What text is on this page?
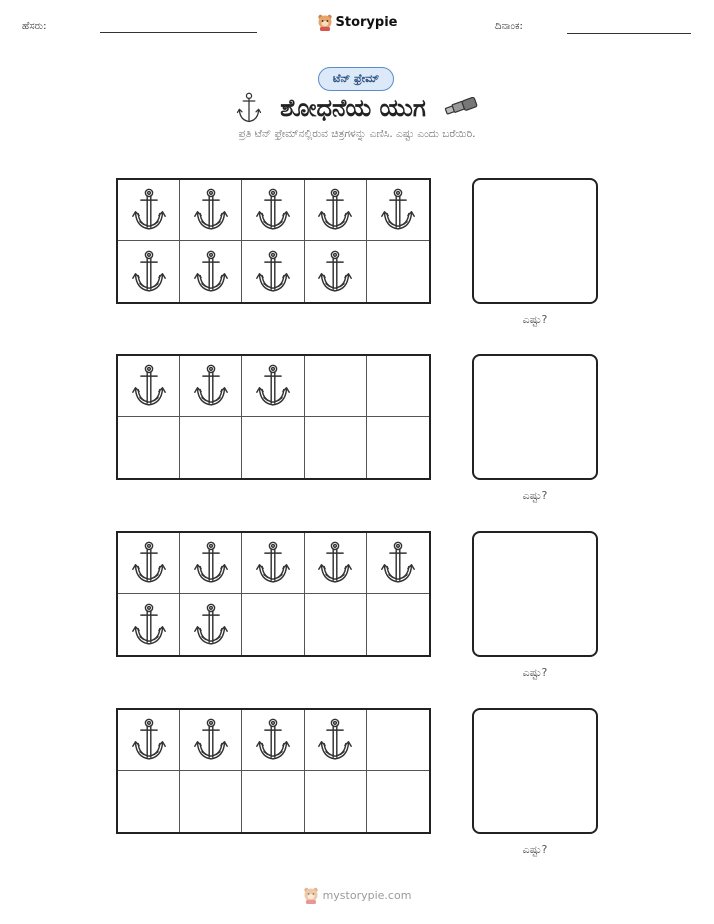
ಹೆಸರು:	Storypie	ದಿನಾಂಕ:
ಟೆನ್ ಫ್ರೇಮ್
ಶೋಧನೆಯ ಯುಗ
ಪ್ರತಿ ಟೆನ್ ಫ್ರೇಮ್‌ನಲ್ಲಿರುವ ಚಿತ್ರಗಳನ್ನು ಎಣಿಸಿ. ಎಷ್ಟು ಎಂದು ಬರೆಯಿರಿ.
ಎಷ್ಟು?
ಎಷ್ಟು?
ಎಷ್ಟು?
ಎಷ್ಟು?
mystorypie.com
